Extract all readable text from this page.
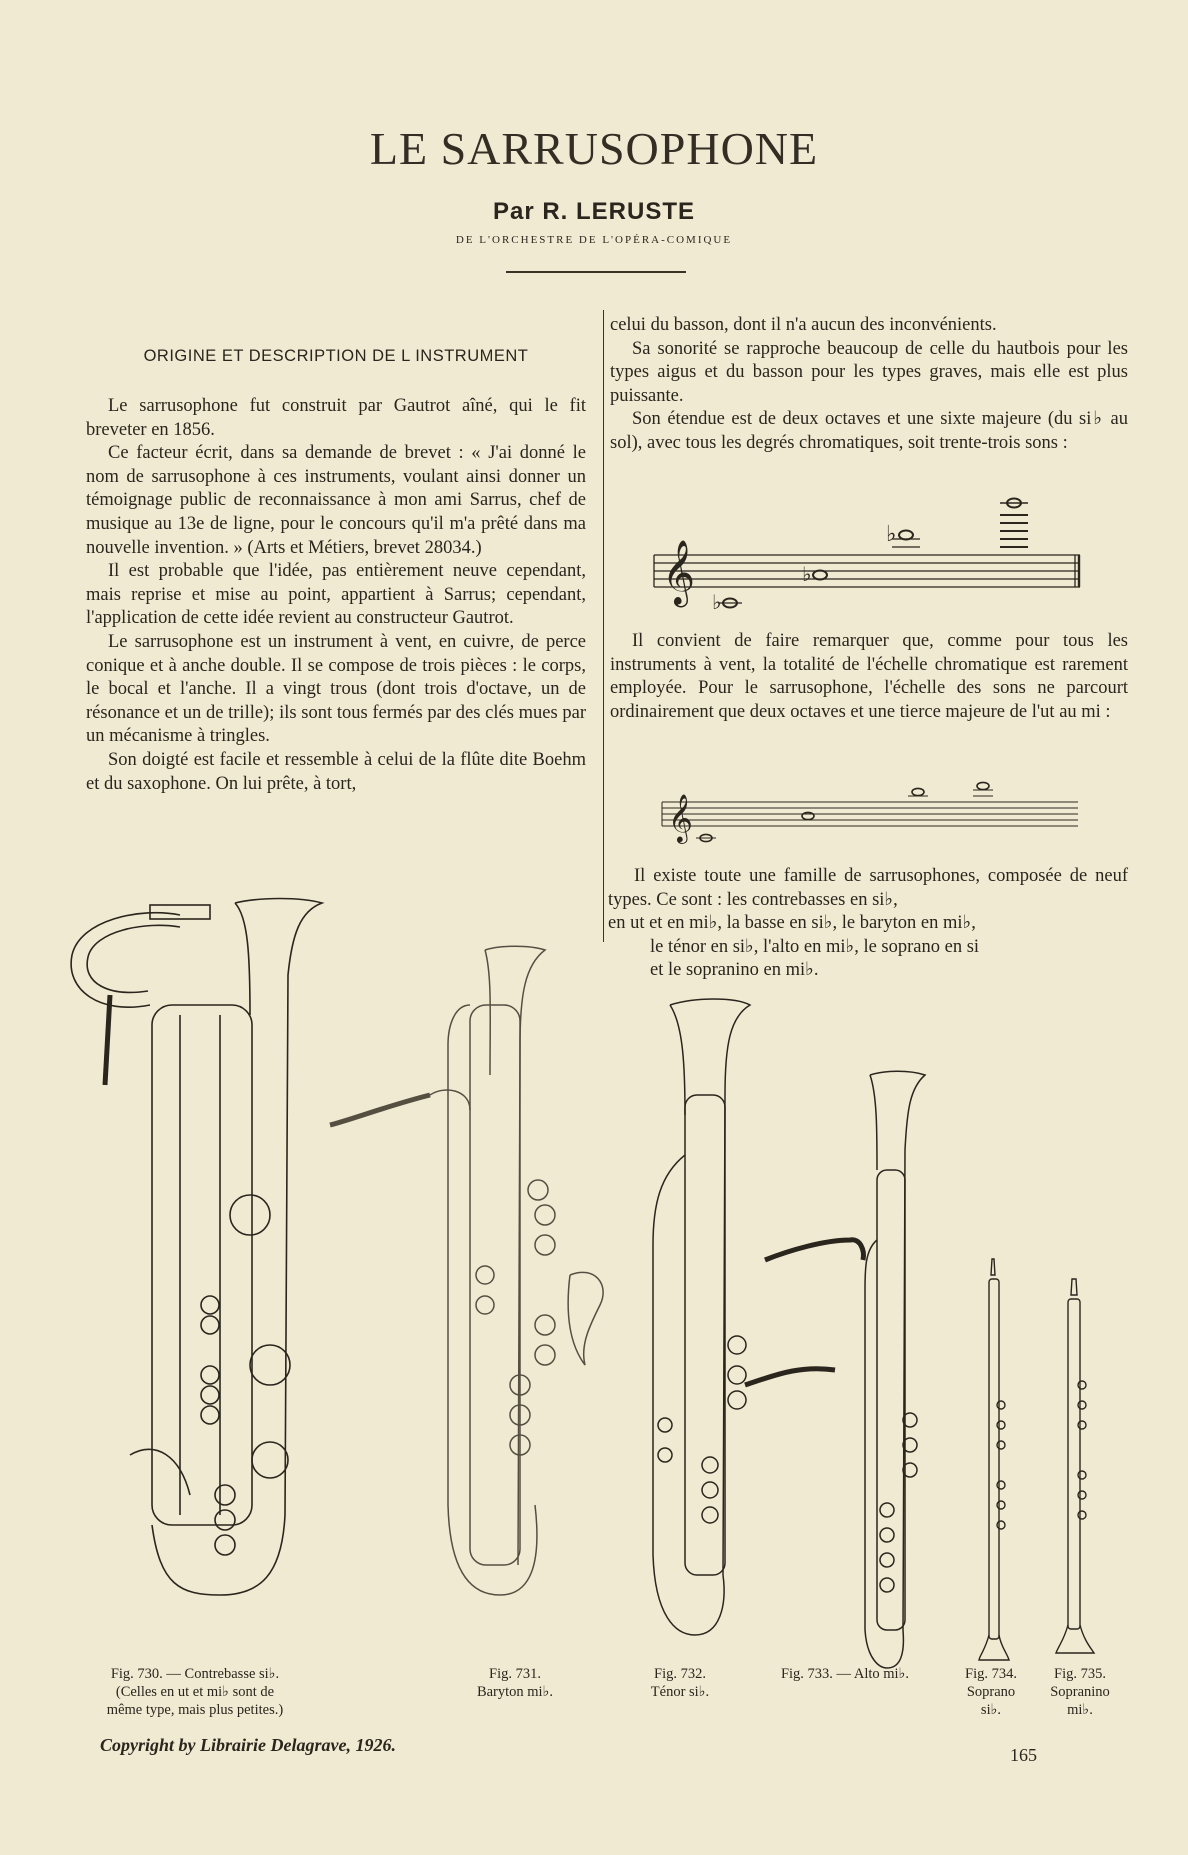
LE SARRUSOPHONE
Par R. LERUSTE
DE L'ORCHESTRE DE L'OPÉRA-COMIQUE
ORIGINE ET DESCRIPTION DE L INSTRUMENT

Le sarrusophone fut construit par Gautrot aîné, qui le fit breveter en 1856.

Ce facteur écrit, dans sa demande de brevet : « J'ai donné le nom de sarrusophone à ces instruments, voulant ainsi donner un témoignage public de reconnaissance à mon ami Sarrus, chef de musique au 13e de ligne, pour le concours qu'il m'a prêté dans ma nouvelle invention. » (Arts et Métiers, brevet 28034.)

Il est probable que l'idée, pas entièrement neuve cependant, mais reprise et mise au point, appartient à Sarrus; cependant, l'application de cette idée revient au constructeur Gautrot.

Le sarrusophone est un instrument à vent, en cuivre, de perce conique et à anche double. Il se compose de trois pièces : le corps, le bocal et l'anche. Il a vingt trous (dont trois d'octave, un de résonance et un de trille); ils sont tous fermés par des clés mues par un mécanisme à tringles.

Son doigté est facile et ressemble à celui de la flûte dite Boehm et du saxophone. On lui prête, à tort,

celui du basson, dont il n'a aucun des inconvénients.

Sa sonorité se rapproche beaucoup de celle du hautbois pour les types aigus et du basson pour les types graves, mais elle est plus puissante.

Son étendue est de deux octaves et une sixte majeure (du si♭ au sol), avec tous les degrés chromatiques, soit trente-trois sons :

𝄞 ♭
♭
♭

Il convient de faire remarquer que, comme pour tous les instruments à vent, la totalité de l'échelle chromatique est rarement employée. Pour le sarrusophone, l'échelle des sons ne parcourt ordinairement que deux octaves et une tierce majeure de l'ut au mi :

𝄞

Il existe toute une famille de sarrusophones, composée de neuf types. Ce sont : les contrebasses en si♭,

en ut et en mi♭, la basse en si♭, le baryton en mi♭,
le ténor en si♭, l'alto en mi♭, le soprano en si
et le sopranino en mi♭.
Fig. 730. — Contrebasse si♭.
(Celles en ut et mi♭ sont de
même type, mais plus petites.)
Fig. 731.
Baryton mi♭.
Fig. 732.
Ténor si♭.
Fig. 733. — Alto mi♭.	Fig. 734.
Soprano
si♭.
Fig. 735.
Sopranino
mi♭.
Copyright by Librairie Delagrave, 1926.	165
